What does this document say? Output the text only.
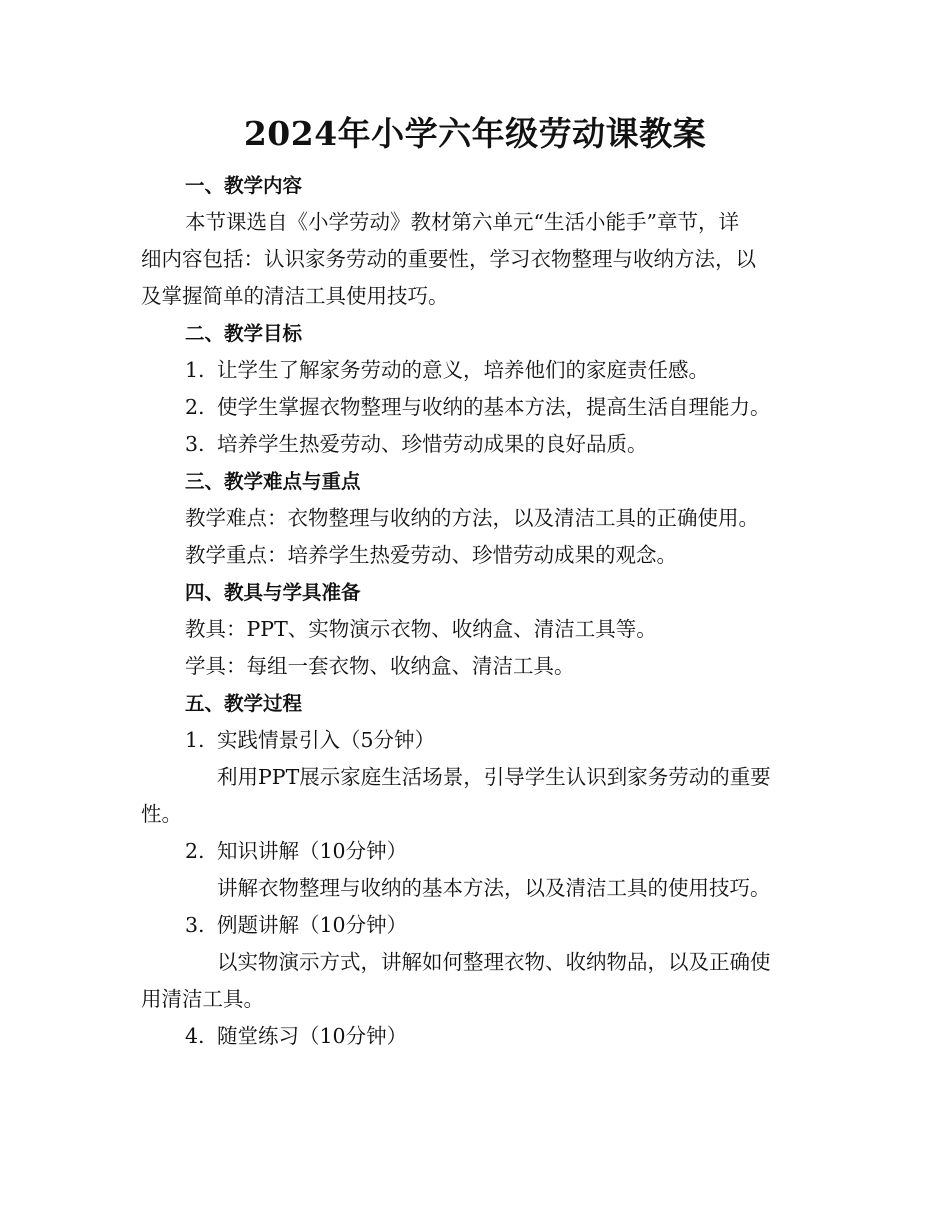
2024年小学六年级劳动课教案
一、教学内容
本节课选自《小学劳动》教材第六单元“生活小能手”章节，详
细内容包括：认识家务劳动的重要性，学习衣物整理与收纳方法，以
及掌握简单的清洁工具使用技巧。
二、教学目标
1. 让学生了解家务劳动的意义，培养他们的家庭责任感。
2. 使学生掌握衣物整理与收纳的基本方法，提高生活自理能力。
3. 培养学生热爱劳动、珍惜劳动成果的良好品质。
三、教学难点与重点
教学难点：衣物整理与收纳的方法，以及清洁工具的正确使用。
教学重点：培养学生热爱劳动、珍惜劳动成果的观念。
四、教具与学具准备
教具：PPT、实物演示衣物、收纳盒、清洁工具等。
学具：每组一套衣物、收纳盒、清洁工具。
五、教学过程
1. 实践情景引入（5分钟）
利用PPT展示家庭生活场景，引导学生认识到家务劳动的重要
性。
2. 知识讲解（10分钟）
讲解衣物整理与收纳的基本方法，以及清洁工具的使用技巧。
3. 例题讲解（10分钟）
以实物演示方式，讲解如何整理衣物、收纳物品，以及正确使
用清洁工具。
4. 随堂练习（10分钟）
